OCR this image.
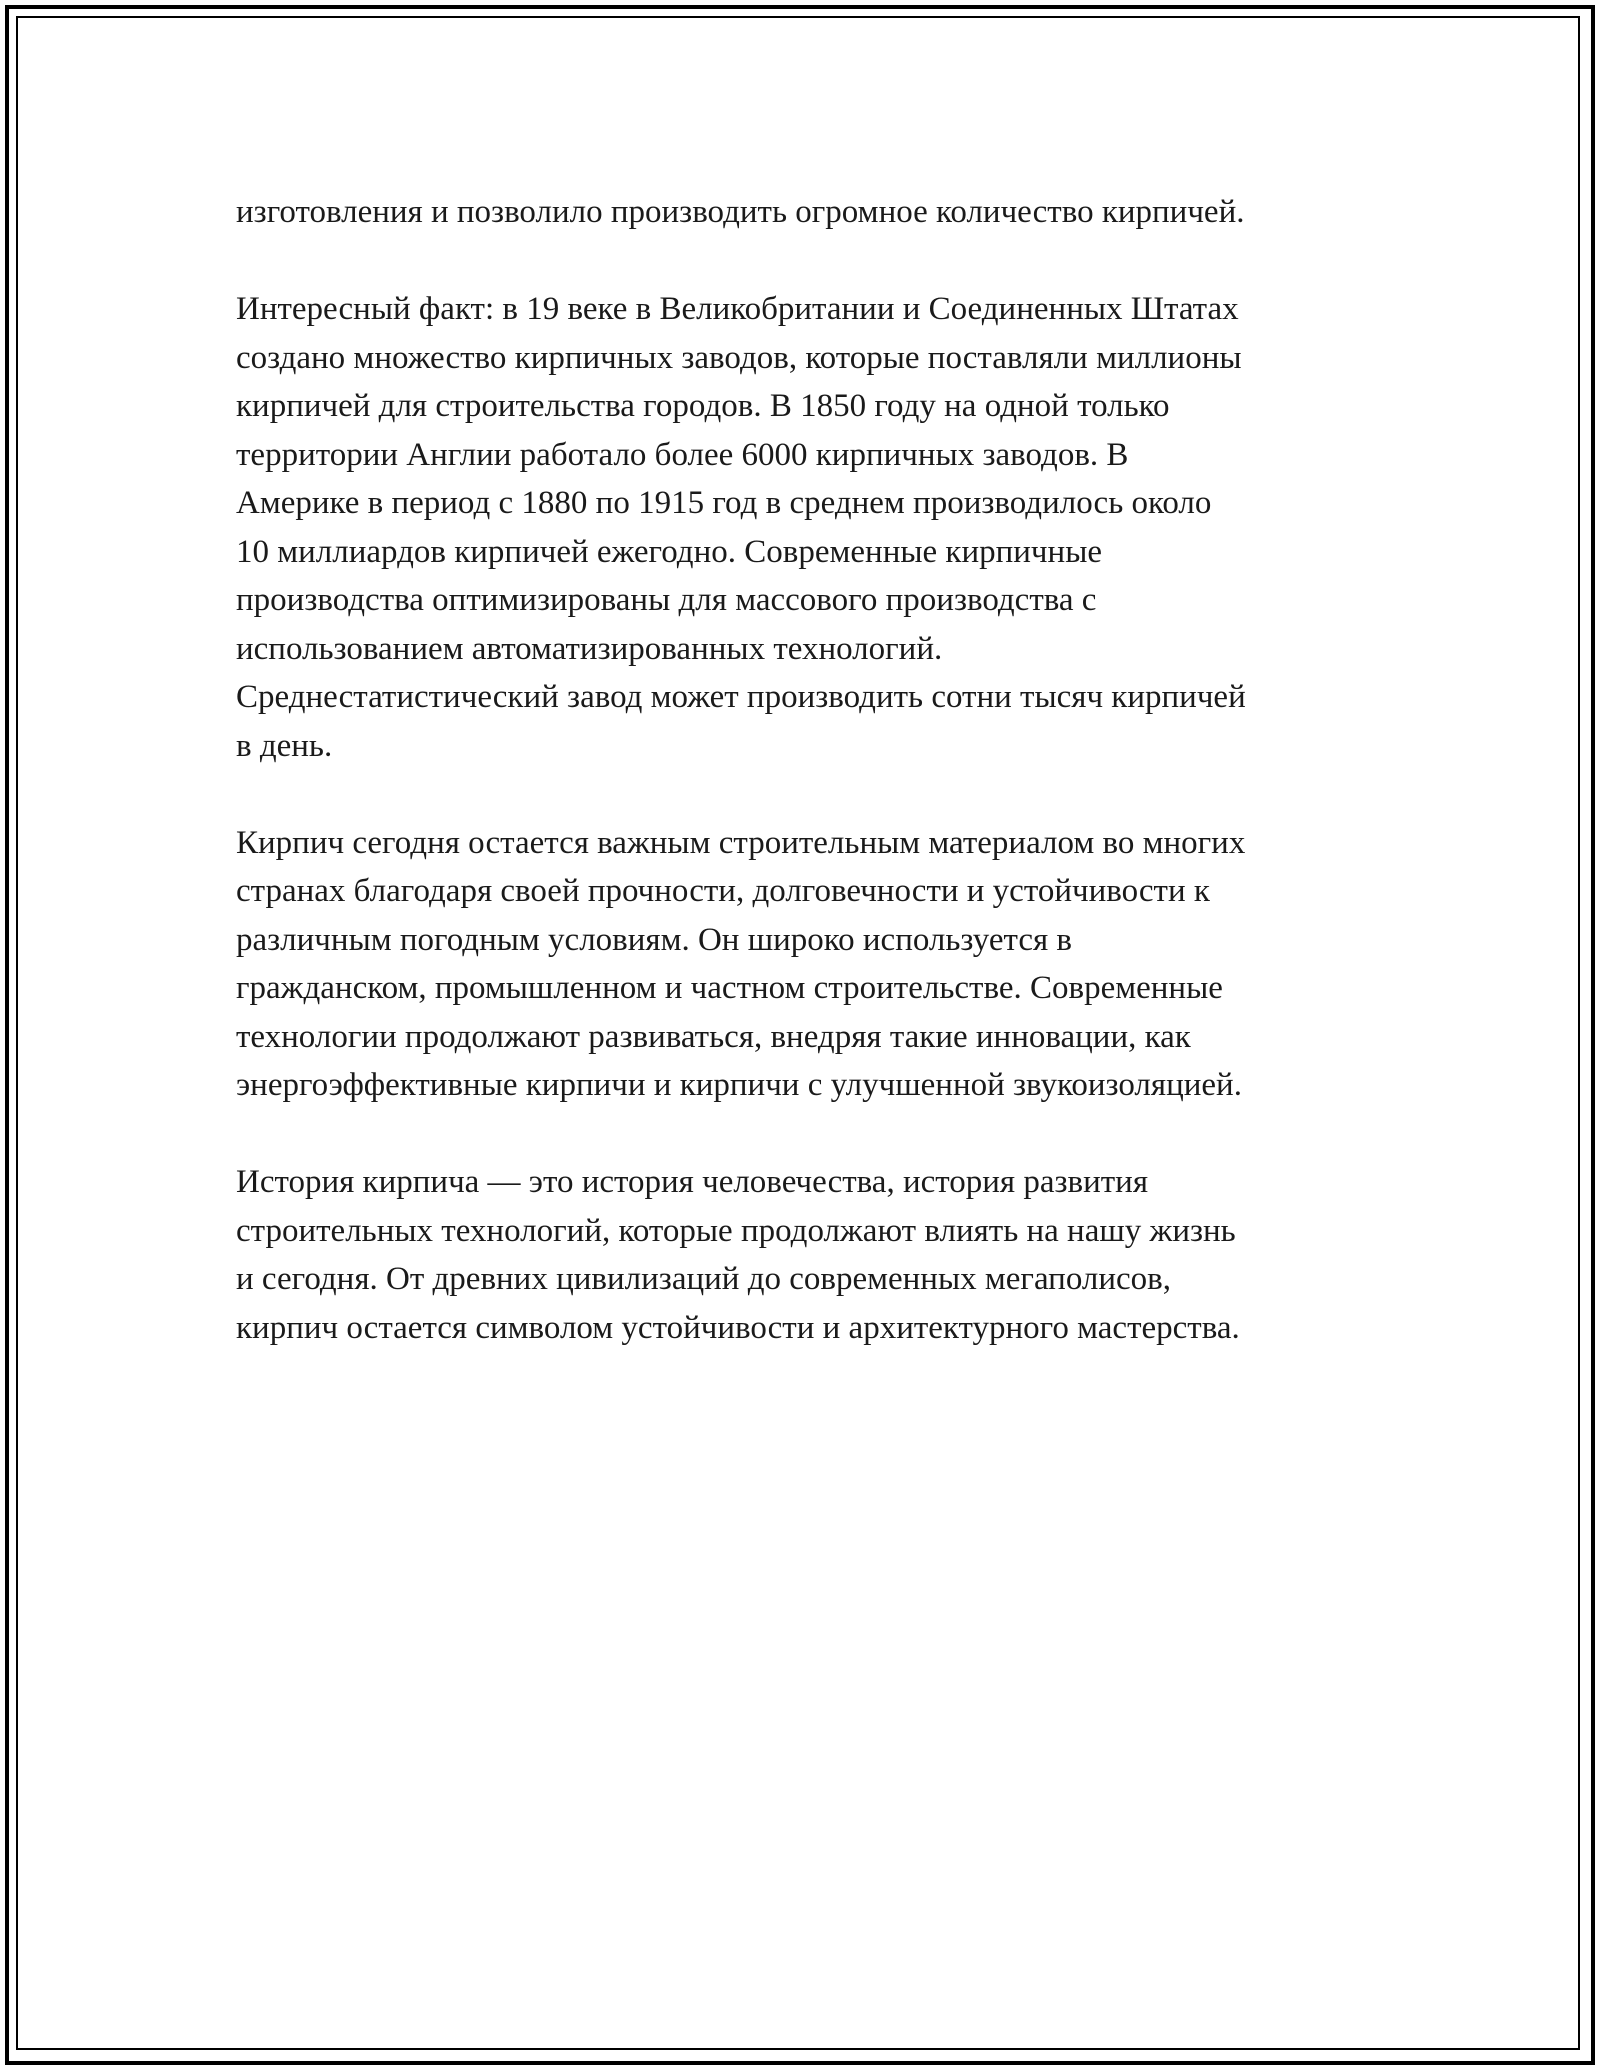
изготовления и позволило производить огромное количество кирпичей.
Интересный факт: в 19 веке в Великобритании и Соединенных Штатах
создано множество кирпичных заводов, которые поставляли миллионы
кирпичей для строительства городов. В 1850 году на одной только
территории Англии работало более 6000 кирпичных заводов. В
Америке в период с 1880 по 1915 год в среднем производилось около
10 миллиардов кирпичей ежегодно. Современные кирпичные
производства оптимизированы для массового производства с
использованием автоматизированных технологий.
Среднестатистический завод может производить сотни тысяч кирпичей
в день.
Кирпич сегодня остается важным строительным материалом во многих
странах благодаря своей прочности, долговечности и устойчивости к
различным погодным условиям. Он широко используется в
гражданском, промышленном и частном строительстве. Современные
технологии продолжают развиваться, внедряя такие инновации, как
энергоэффективные кирпичи и кирпичи с улучшенной звукоизоляцией.
История кирпича — это история человечества, история развития
строительных технологий, которые продолжают влиять на нашу жизнь
и сегодня. От древних цивилизаций до современных мегаполисов,
кирпич остается символом устойчивости и архитектурного мастерства.
